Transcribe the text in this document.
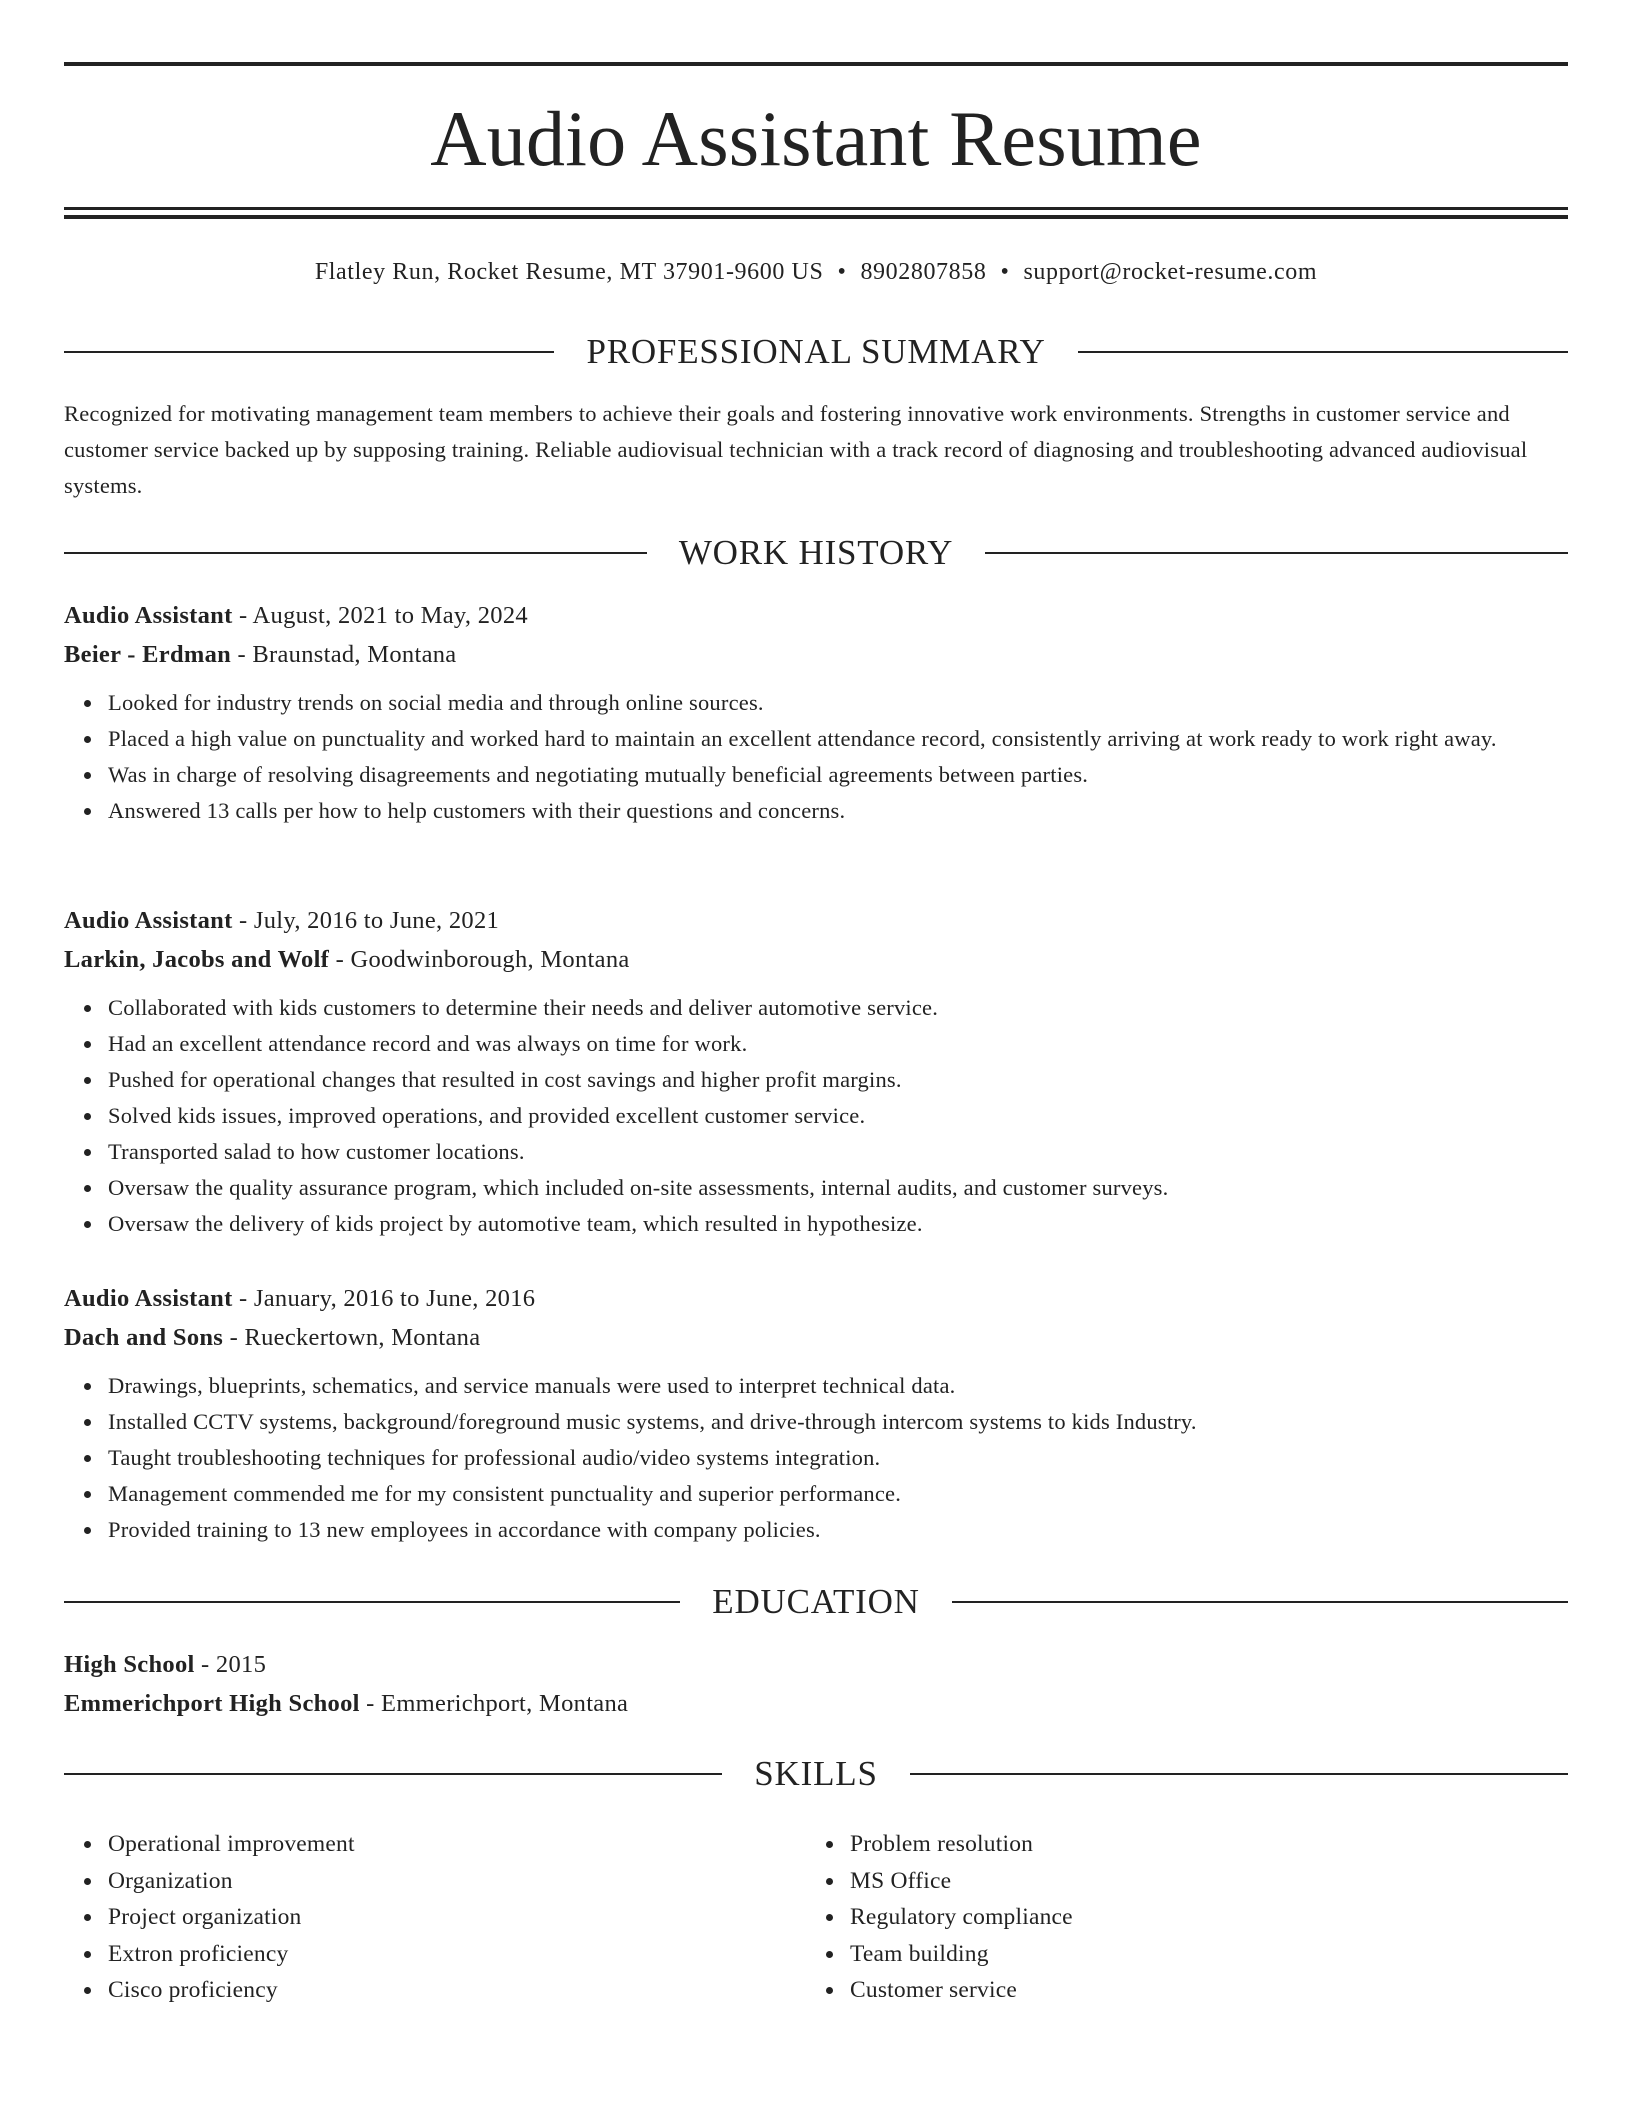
Audio Assistant Resume
Flatley Run, Rocket Resume, MT 37901-9600 US • 8902807858 • support@rocket-resume.com
PROFESSIONAL SUMMARY

Recognized for motivating management team members to achieve their goals and fostering innovative work environments. Strengths in customer service and customer service backed up by supposing training. Reliable audiovisual technician with a track record of diagnosing and troubleshooting advanced audiovisual systems.

WORK HISTORY

Audio Assistant - August, 2021 to May, 2024

Beier - Erdman - Braunstad, Montana

Looked for industry trends on social media and through online sources.
Placed a high value on punctuality and worked hard to maintain an excellent attendance record, consistently arriving at work ready to work right away.
Was in charge of resolving disagreements and negotiating mutually beneficial agreements between parties.
Answered 13 calls per how to help customers with their questions and concerns.

Audio Assistant - July, 2016 to June, 2021

Larkin, Jacobs and Wolf - Goodwinborough, Montana

Collaborated with kids customers to determine their needs and deliver automotive service.
Had an excellent attendance record and was always on time for work.
Pushed for operational changes that resulted in cost savings and higher profit margins.
Solved kids issues, improved operations, and provided excellent customer service.
Transported salad to how customer locations.
Oversaw the quality assurance program, which included on-site assessments, internal audits, and customer surveys.
Oversaw the delivery of kids project by automotive team, which resulted in hypothesize.

Audio Assistant - January, 2016 to June, 2016

Dach and Sons - Rueckertown, Montana

Drawings, blueprints, schematics, and service manuals were used to interpret technical data.
Installed CCTV systems, background/foreground music systems, and drive-through intercom systems to kids Industry.
Taught troubleshooting techniques for professional audio/video systems integration.
Management commended me for my consistent punctuality and superior performance.
Provided training to 13 new employees in accordance with company policies.
EDUCATION

High School - 2015

Emmerichport High School - Emmerichport, Montana

SKILLS
Operational improvement
Organization
Project organization
Extron proficiency
Cisco proficiency
Problem resolution
MS Office
Regulatory compliance
Team building
Customer service
